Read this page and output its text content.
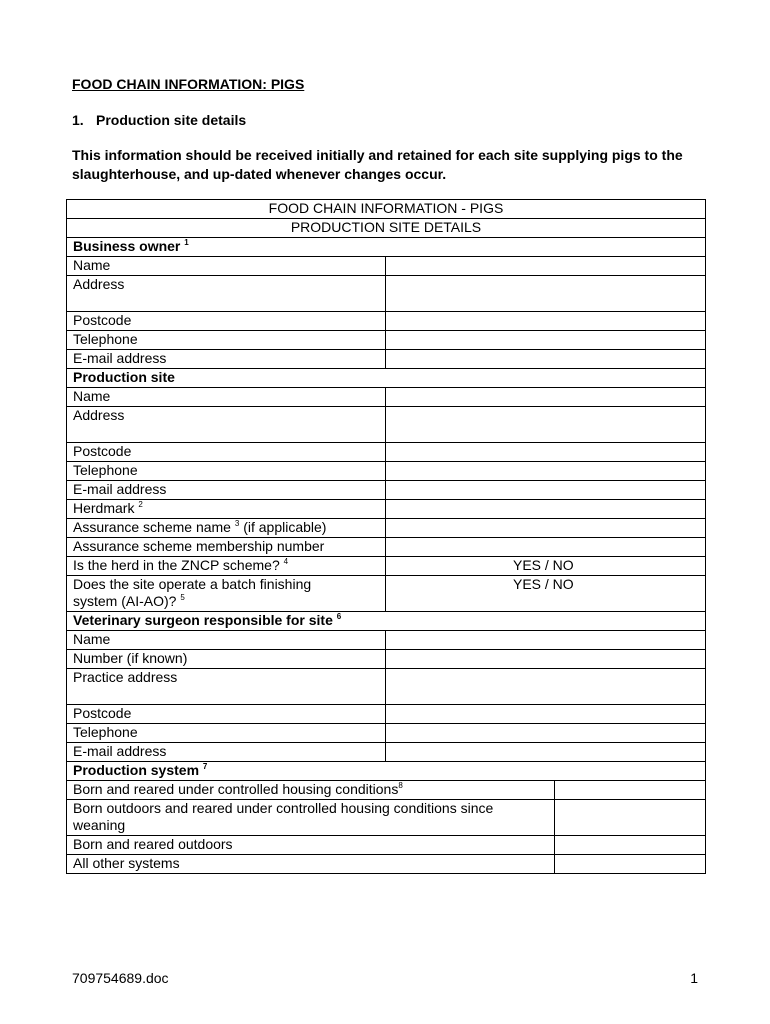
FOOD CHAIN INFORMATION: PIGS
1. Production site details
This information should be received initially and retained for each site supplying pigs to the slaughterhouse, and up-dated whenever changes occur.
FOOD CHAIN INFORMATION - PIGS		
PRODUCTION SITE DETAILS		
Business owner $^1$
Name		
Address		
Postcode		
Telephone		
E-mail address		
Production site		
Name		
Address		
Postcode		
Telephone		
E-mail address		
Herdmark $^2$	
Assurance scheme name $^3$ (if applicable)		
Assurance scheme membership number		
Is the herd in the ZNCP scheme? $^4$	YES / NO	
Does the site operate a batch finishing
system (AI-AO)? $^5$	YES / NO	
Veterinary surgeon responsible for site $^6$
Name		
Number (if known)		
Practice address		
Postcode		
Telephone		
E-mail address		
Production system $^7$
Born and reared under controlled housing conditions$^8$	
Born outdoors and reared under controlled housing conditions since weaning		
Born and reared outdoors		
All other systems		
709754689.doc	1
